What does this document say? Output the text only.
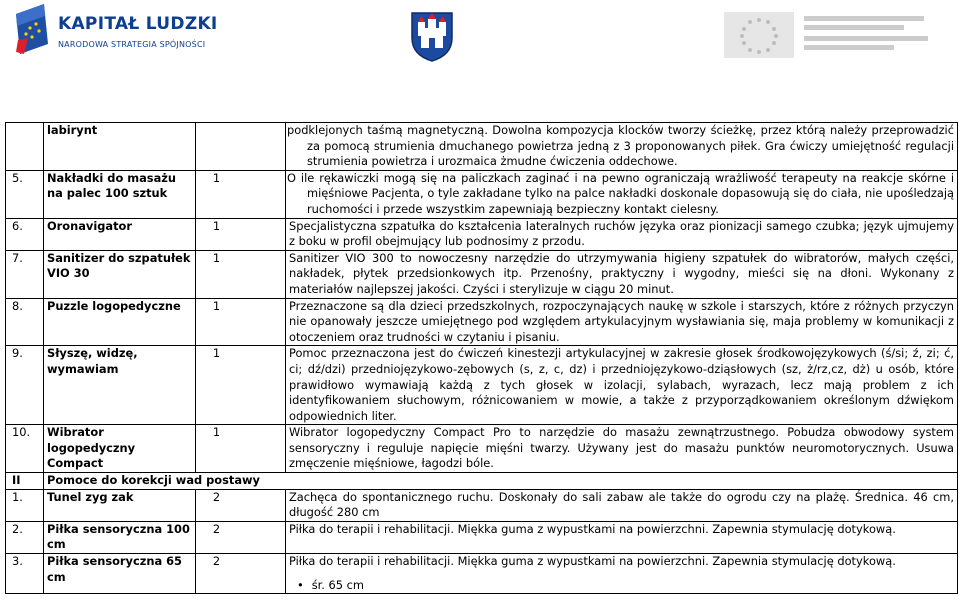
KAPITAŁ LUDZKI
NARODOWA STRATEGIA SPÓJNOŚCI
	labirynt		podklejonych taśmą magnetyczną. Dowolna kompozycja klocków tworzy ścieżkę, przez którą należy przeprowadzić za pomocą strumienia dmuchanego powietrza jedną z 3 proponowanych piłek. Gra ćwiczy umiejętność regulacji strumienia powietrza i urozmaica żmudne ćwiczenia oddechowe.
5.	Nakładki do masażu na palec 100 sztuk	1	O ile rękawiczki mogą się na paliczkach zaginać i na pewno ograniczają wrażliwość terapeuty na reakcje skórne i mięśniowe Pacjenta, o tyle zakładane tylko na palce nakładki doskonale dopasowują się do ciała, nie upośledzają ruchomości i przede wszystkim zapewniają bezpieczny kontakt cielesny.
6.	Oronavigator	1	Specjalistyczna szpatułka do kształcenia lateralnych ruchów języka oraz pionizacji samego czubka; język ujmujemy z boku w profil obejmujący lub podnosimy z przodu.
7.	Sanitizer do szpatułek VIO 30	1	Sanitizer VIO 300 to nowoczesny narzędzie do utrzymywania higieny szpatułek do wibratorów, małych części, nakładek, płytek przedsionkowych itp. Przenośny, praktyczny i wygodny, mieści się na dłoni. Wykonany z materiałów najlepszej jakości. Czyści i sterylizuje w ciągu 20 minut.
8.	Puzzle logopedyczne	1	Przeznaczone są dla dzieci przedszkolnych, rozpoczynających naukę w szkole i starszych, które z różnych przyczyn nie opanowały jeszcze umiejętnego pod względem artykulacyjnym wysławiania się, maja problemy w komunikacji z otoczeniem oraz trudności w czytaniu i pisaniu.
9.	Słyszę, widzę, wymawiam	1	Pomoc przeznaczona jest do ćwiczeń kinestezji artykulacyjnej w zakresie głosek środkowojęzykowych (ś/si; ź, zi; ć, ci; dź/dzi) przedniojęzykowo-zębowych (s, z, c, dz) i przedniojęzykowo-dziąsłowych (sz, ż/rz,cz, dż) u osób, które prawidłowo wymawiają każdą z tych głosek w izolacji, sylabach, wyrazach, lecz mają problem z ich identyfikowaniem słuchowym, różnicowaniem w mowie, a także z przyporządkowaniem określonym dźwiękom odpowiednich liter.
10.	Wibrator logopedyczny Compact	1	Wibrator logopedyczny Compact Pro to narzędzie do masażu zewnątrzustnego. Pobudza obwodowy system sensoryczny i reguluje napięcie mięśni twarzy. Używany jest do masażu punktów neuromotorycznych. Usuwa zmęczenie mięśniowe, łagodzi bóle.
II	Pomoce do korekcji wad postawy		
1.	Tunel zyg zak	2	Zachęca do spontanicznego ruchu. Doskonały do sali zabaw ale także do ogrodu czy na plażę. Średnica. 46 cm, długość 280 cm
2.	Piłka sensoryczna 100 cm	2	Piłka do terapii i rehabilitacji. Miękka guma z wypustkami na powierzchni. Zapewnia stymulację dotykową.
3.	Piłka sensoryczna 65 cm	2	Piłka do terapii i rehabilitacji. Miękka guma z wypustkami na powierzchni. Zapewnia stymulację dotykową.
• śr. 65 cm
